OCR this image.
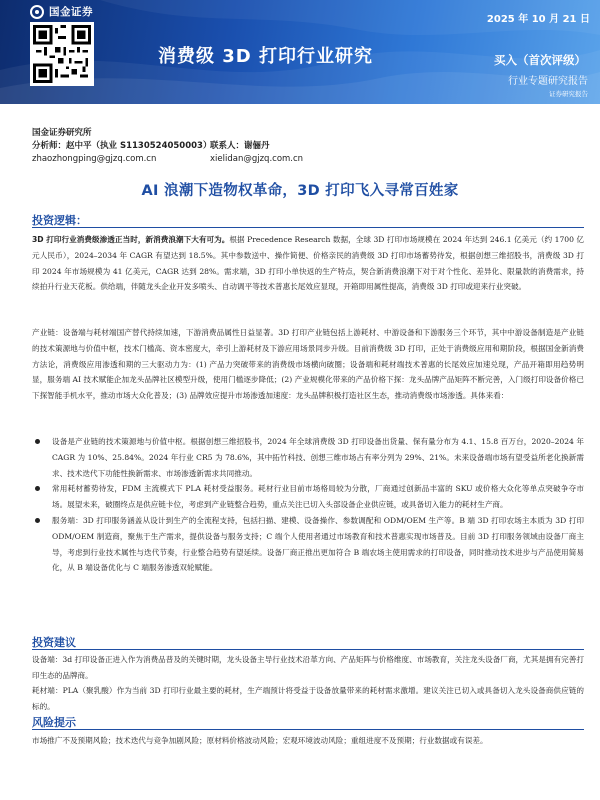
国金证券
2025 年 10 月 21 日
消费级 3D 打印行业研究	买入（首次评级）
行业专题研究报告
证券研究报告
国金证券研究所
分析师：赵中平（执业 S1130524050003）
联系人：谢俪丹
zhaozhongping@gjzq.com.cn	xielidan@gjzq.com.cn
AI 浪潮下造物权革命，3D 打印飞入寻常百姓家
投资逻辑：
3D 打印行业消费级渗透正当时，新消费浪潮下大有可为。根据 Precedence Research 数据，全球 3D 打印市场规模在 2024 年达到 246.1 亿美元（约 1700 亿元人民币），2024–2034 年 CAGR 有望达到 18.5%。其中参数送中、操作简便、价格亲民的消费级 3D 打印市场蓄势待发，根据创想三维招股书，消费级 3D 打印 2024 年市场规模为 41 亿美元，CAGR 达到 28%。需求端，3D 打印小单快返的生产特点，契合新消费浪潮下对于对个性化、差异化、限量款的消费需求，持续拍升行业天花板。供给端，伴随龙头企业开发多喷头、自动调平等技术普惠长尾效应显现，开箱即用属性提高，消费级 3D 打印或迎来行业突破。
产业链：设备端与耗材端国产替代持续加速，下游消费品属性日益显著。3D 打印产业链包括上游耗材、中游设备和下游服务三个环节，其中中游设备制造是产业链的技术策源地与价值中枢，技术门槛高、资本密度大，牵引上游耗材及下游应用场景同步升级。目前消费级 3D 打印，正处于消费级应用和期阶段，根据国金新消费方法论，消费级应用渗透和期的三大驱动力为：(1) 产品力突破带来的消费级市场横向破圈；设备端和耗材端技术普惠的长尾效应加速兑现，产品开箱即用趋势明显，服务端 AI 技术赋能企加龙头品牌社区模型升级，使用门槛逐步降低；(2) 产业规模化带来的产品价格下探：龙头品牌产品矩阵不断完善，入门级打印设备价格已下探智能手机水平，推动市场大众化普及；(3) 品牌效应提升市场渗透加速度：龙头品牌积极打造社区生态，推动消费级市场渗透。具体来看：
设备是产业链的技术策源地与价值中枢。根据创想三维招股书，2024 年全球消费级 3D 打印设备出货量、保有量分布为 4.1、15.8 百万台，2020–2024 年 CAGR 为 10%、25.84%。2024 年行业 CR5 为 78.6%，其中拓竹科技、创想三维市场占有率分列为 29%、21%。未来设备端市场有望受益所老化换新需求、技术迭代下功能性换新需求、市场渗透新需求共同推动。
常用耗材蓄势待发，FDM 主流模式下 PLA 耗材受益服务。耗材行业目前市场格局较为分散，厂商通过创新品丰富的 SKU 或价格大众化等单点突破争夺市场。展望未来，破圈终点是供应链卡位，考虑到产业链整合趋势，重点关注已切入头部设备企业供应链，或具备切入能力的耗材生产商。
服务端：3D 打印服务涵盖从设计到生产的全流程支持，包括扫描、建模、设备操作、参数调配和 ODM/OEM 生产等。B 端 3D 打印农场主本质为 3D 打印 ODM/OEM 制造商，聚焦于生产需求，提供设备与服务支持；C 端个人使用者通过市场教育和技术普惠实现市场普及。目前 3D 打印服务领域由设备厂商主导，考虑到行业技术属性与迭代节奏，行业整合趋势有望延续。设备厂商正推出更加符合 B 端农场主使用需求的打印设备，同时推动技术进步与产品使用简易化，从 B 端设备优化与 C 端服务渗透双轮赋能。
投资建议
设备端：3d 打印设备正进入作为消费品普及的关键时期，龙头设备主导行业技术沿革方向、产品矩阵与价格维度、市场教育，关注龙头设备厂商，尤其是拥有完善打印生态的品牌商。
耗材端：PLA（聚乳酸）作为当前 3D 打印行业最主要的耗材，生产端预计将受益于设备放量带来的耗材需求激增。建议关注已切入或具备切入龙头设备商供应链的标的。
风险提示
市场推广不及预期风险；技术迭代与竞争加剧风险；原材料价格波动风险；宏观环境波动风险；重组进度不及预期；行业数据或有误差。
